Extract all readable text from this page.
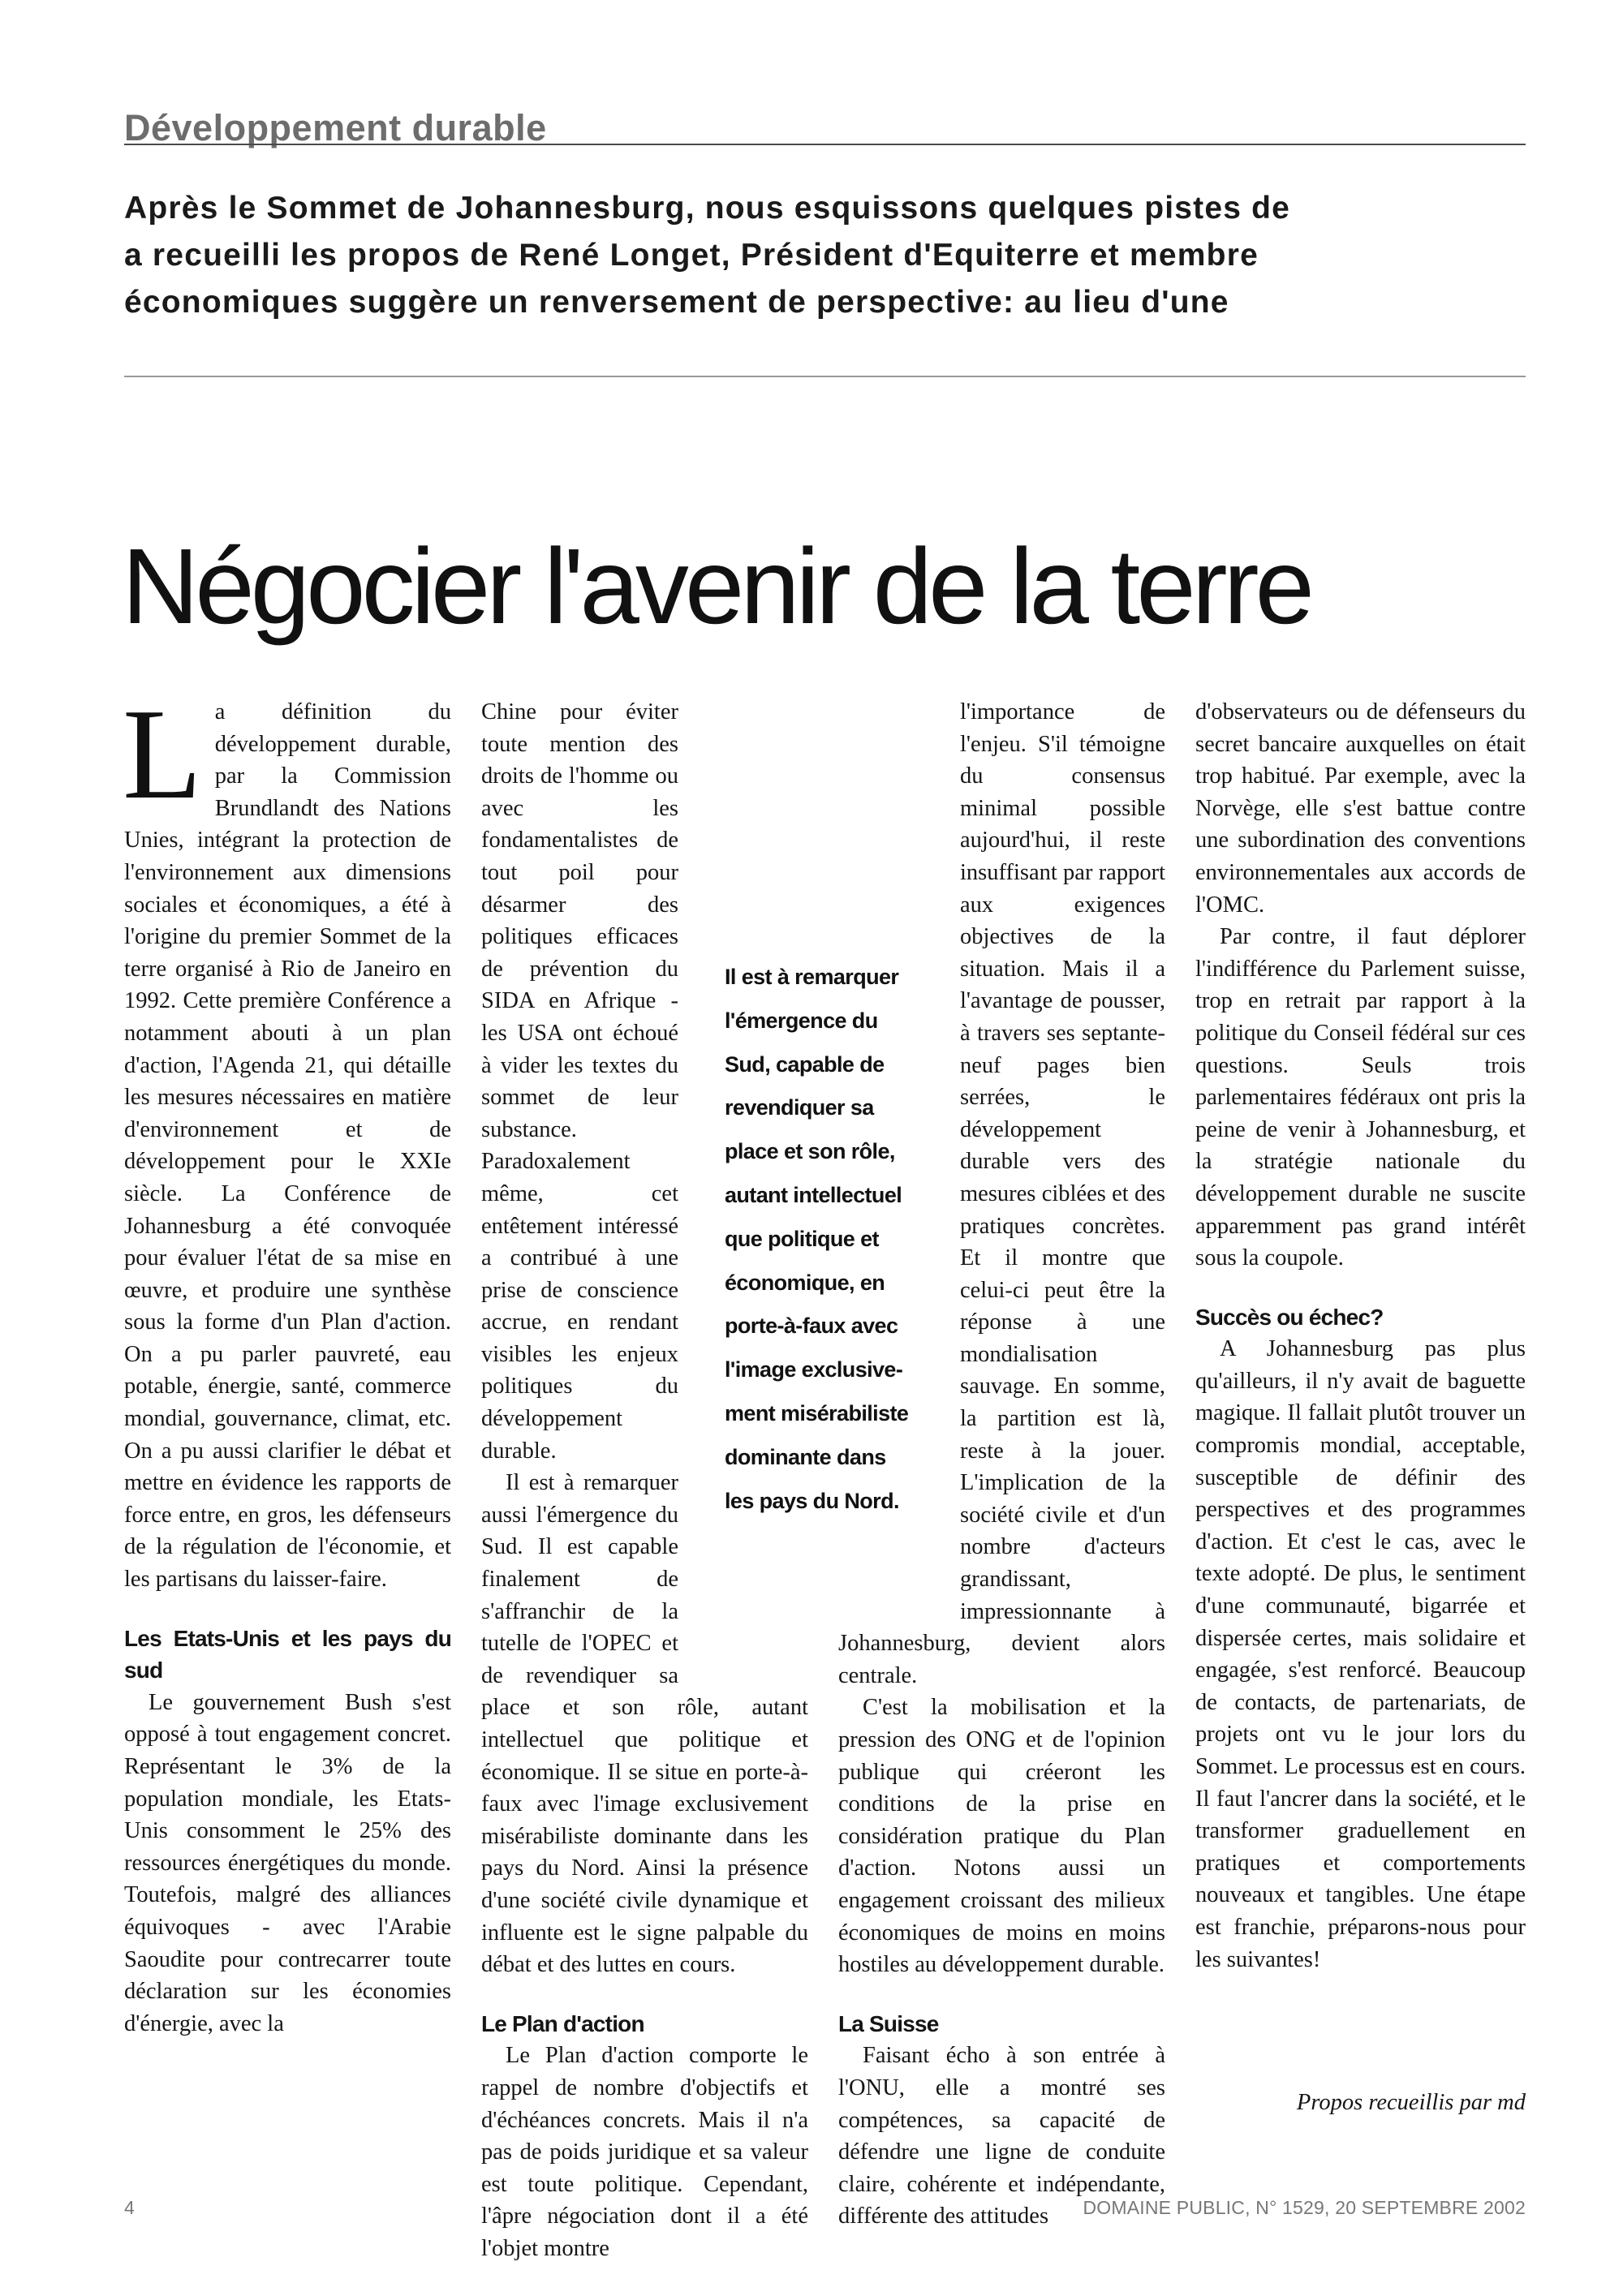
Développement durable

Après le Sommet de Johannesburg, nous esquissons quelques pistes de

a recueilli les propos de René Longet, Président d'Equiterre et membre

économiques suggère un renversement de perspective: au lieu d'une

Négocier l'avenir de la terre

La définition du développement durable, par la Commission Brundlandt des Nations Unies, intégrant la protection de l'environnement aux dimensions sociales et économiques, a été à l'origine du premier Sommet de la terre organisé à Rio de Janeiro en 1992. Cette première Conférence a notamment abouti à un plan d'action, l'Agenda 21, qui détaille les mesures nécessaires en matière d'environnement et de développement pour le XXIe siècle. La Conférence de Johannesburg a été convoquée pour évaluer l'état de sa mise en œuvre, et produire une synthèse sous la forme d'un Plan d'action. On a pu parler pauvreté, eau potable, énergie, santé, commerce mondial, gouvernance, climat, etc. On a pu aussi clarifier le débat et mettre en évidence les rapports de force entre, en gros, les défenseurs de la régulation de l'économie, et les partisans du laisser-faire.

Les Etats-Unis et les pays du sud

Le gouvernement Bush s'est opposé à tout engagement concret. Représentant le 3% de la population mondiale, les Etats-Unis consomment le 25% des ressources énergétiques du monde. Toutefois, malgré des alliances équivoques - avec l'Arabie Saoudite pour contrecarrer toute déclaration sur les économies d'énergie, avec la

Chine pour éviter toute mention des droits de l'homme ou avec les fondamentalistes de tout poil pour désarmer des politiques efficaces de prévention du SIDA en Afrique - les USA ont échoué à vider les textes du sommet de leur substance. Paradoxalement même, cet entêtement intéressé a contribué à une prise de conscience accrue, en rendant visibles les enjeux politiques du développement durable.

Il est à remarquer aussi l'émergence du Sud. Il est capable finalement de s'affranchir de la tutelle de l'OPEC et de revendiquer sa place et son rôle, autant intellectuel que politique et économique. Il se situe en porte-à-faux avec l'image exclusivement misérabiliste dominante dans les pays du Nord. Ainsi la présence d'une société civile dynamique et influente est le signe palpable du débat et des luttes en cours.

Le Plan d'action

Le Plan d'action comporte le rappel de nombre d'objectifs et d'échéances concrets. Mais il n'a pas de poids juridique et sa valeur est toute politique. Cependant, l'âpre négociation dont il a été l'objet montre

l'importance de l'enjeu. S'il témoigne du consensus minimal possible aujourd'hui, il reste insuffisant par rapport aux exigences objectives de la situation. Mais il a l'avantage de pousser, à travers ses septante-neuf pages bien serrées, le développement durable vers des mesures ciblées et des pratiques concrètes. Et il montre que celui-ci peut être la réponse à une mondialisation sauvage. En somme, la partition est là, reste à la jouer. L'implication de la société civile et d'un nombre d'acteurs grandissant, impressionnante à Johannesburg, devient alors centrale.

C'est la mobilisation et la pression des ONG et de l'opinion publique qui créeront les conditions de la prise en considération pratique du Plan d'action. Notons aussi un engagement croissant des milieux économiques de moins en moins hostiles au développement durable.

La Suisse

Faisant écho à son entrée à l'ONU, elle a montré ses compétences, sa capacité de défendre une ligne de conduite claire, cohérente et indépendante, différente des attitudes

d'observateurs ou de défenseurs du secret bancaire auxquelles on était trop habitué. Par exemple, avec la Norvège, elle s'est battue contre une subordination des conventions environnementales aux accords de l'OMC.

Par contre, il faut déplorer l'indifférence du Parlement suisse, trop en retrait par rapport à la politique du Conseil fédéral sur ces questions. Seuls trois parlementaires fédéraux ont pris la peine de venir à Johannesburg, et la stratégie nationale du développement durable ne suscite apparemment pas grand intérêt sous la coupole.

Succès ou échec?

A Johannesburg pas plus qu'ailleurs, il n'y avait de baguette magique. Il fallait plutôt trouver un compromis mondial, acceptable, susceptible de définir des perspectives et des programmes d'action. Et c'est le cas, avec le texte adopté. De plus, le sentiment d'une communauté, bigarrée et dispersée certes, mais solidaire et engagée, s'est renforcé. Beaucoup de contacts, de partenariats, de projets ont vu le jour lors du Sommet. Le processus est en cours. Il faut l'ancrer dans la société, et le transformer graduellement en pratiques et comportements nouveaux et tangibles. Une étape est franchie, préparons-nous pour les suivantes!

Propos recueillis par md
Il est à remarquer
l'émergence du
Sud, capable de
revendiquer sa
place et son rôle,
autant intellectuel
que politique et
économique, en
porte-à-faux avec
l'image exclusive-
ment misérabiliste
dominante dans
les pays du Nord.
4	DOMAINE PUBLIC, N° 1529, 20 SEPTEMBRE 2002
